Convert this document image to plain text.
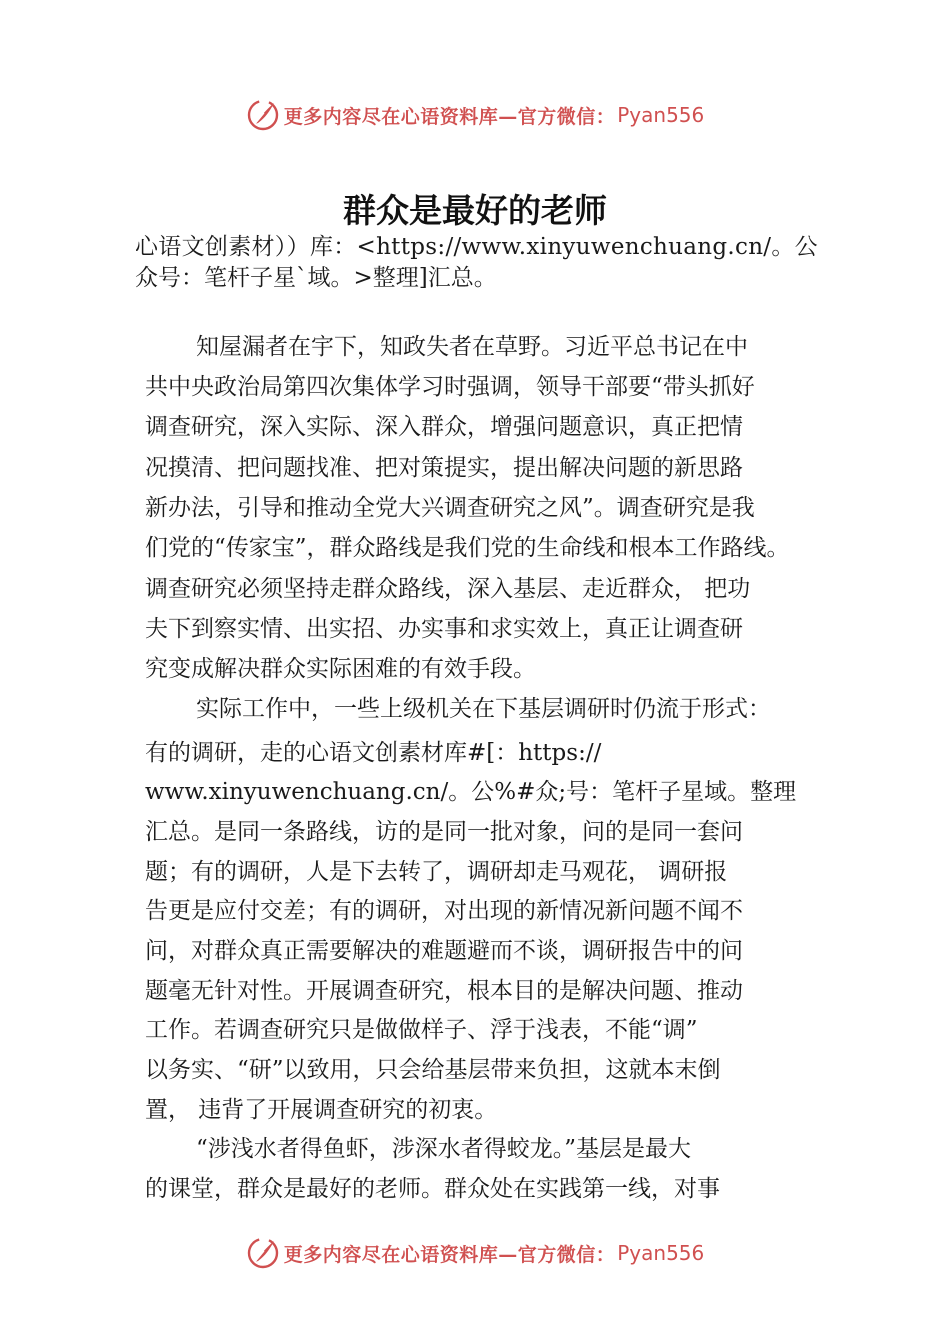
更多内容尽在心语资料库—官方微信： Pyan556
群众是最好的老师
心语文创素材））库：<https://www.xinyuwenchuang.cn/。公
众号：笔杆子星`域。>整理]汇总。
知屋漏者在宇下，知政失者在草野。习近平总书记在中
共中央政治局第四次集体学习时强调，领导干部要“带头抓好
调查研究，深入实际、深入群众，增强问题意识，真正把情
况摸清、把问题找准、把对策提实，提出解决问题的新思路
新办法，引导和推动全党大兴调查研究之风”。调查研究是我
们党的“传家宝”，群众路线是我们党的生命线和根本工作路线。
调查研究必须坚持走群众路线，深入基层、走近群众， 把功
夫下到察实情、出实招、办实事和求实效上，真正让调查研
究变成解决群众实际困难的有效手段。
实际工作中，一些上级机关在下基层调研时仍流于形式：
有的调研，走的心语文创素材库#[：https://
www.xinyuwenchuang.cn/。公%#众;号：笔杆子星域。整理
汇总。是同一条路线，访的是同一批对象，问的是同一套问
题；有的调研，人是下去转了，调研却走马观花， 调研报
告更是应付交差；有的调研，对出现的新情况新问题不闻不
问，对群众真正需要解决的难题避而不谈，调研报告中的问
题毫无针对性。开展调查研究，根本目的是解决问题、推动
工作。若调查研究只是做做样子、浮于浅表，不能“调”
以务实、“研”以致用，只会给基层带来负担，这就本末倒
置， 违背了开展调查研究的初衷。
“涉浅水者得鱼虾，涉深水者得蛟龙。”基层是最大
的课堂，群众是最好的老师。群众处在实践第一线，对事
更多内容尽在心语资料库—官方微信： Pyan556
